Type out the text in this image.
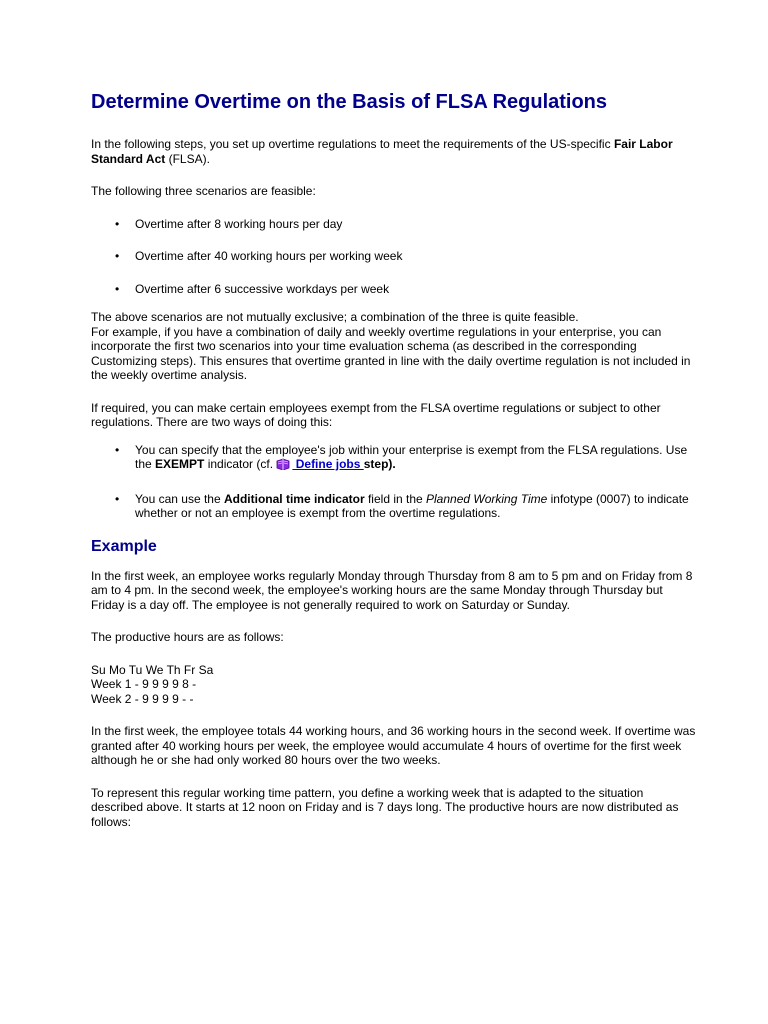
Determine Overtime on the Basis of FLSA Regulations

In the following steps, you set up overtime regulations to meet the requirements of the US-specific Fair Labor Standard Act (FLSA).

The following three scenarios are feasible:

• Overtime after 8 working hours per day
• Overtime after 40 working hours per working week
• Overtime after 6 successive workdays per week

The above scenarios are not mutually exclusive; a combination of the three is quite feasible.

For example, if you have a combination of daily and weekly overtime regulations in your enterprise, you can incorporate the first two scenarios into your time evaluation schema (as described in the corresponding Customizing steps). This ensures that overtime granted in line with the daily overtime regulation is not included in the weekly overtime analysis.

If required, you can make certain employees exempt from the FLSA overtime regulations or subject to other regulations. There are two ways of doing this:

• You can specify that the employee's job within your enterprise is exempt from the FLSA regulations. Use the EXEMPT indicator (cf.  Define jobs step).
• You can use the Additional time indicator field in the Planned Working Time infotype (0007) to indicate whether or not an employee is exempt from the overtime regulations.
Example

In the first week, an employee works regularly Monday through Thursday from 8 am to 5 pm and on Friday from 8 am to 4 pm. In the second week, the employee's working hours are the same Monday through Thursday but Friday is a day off. The employee is not generally required to work on Saturday or Sunday.

The productive hours are as follows:

Su Mo Tu We Th Fr Sa
Week 1 - 9 9 9 9 8 -
Week 2 - 9 9 9 9 - -

In the first week, the employee totals 44 working hours, and 36 working hours in the second week. If overtime was granted after 40 working hours per week, the employee would accumulate 4 hours of overtime for the first week although he or she had only worked 80 hours over the two weeks.

To represent this regular working time pattern, you define a working week that is adapted to the situation described above. It starts at 12 noon on Friday and is 7 days long. The productive hours are now distributed as follows:
